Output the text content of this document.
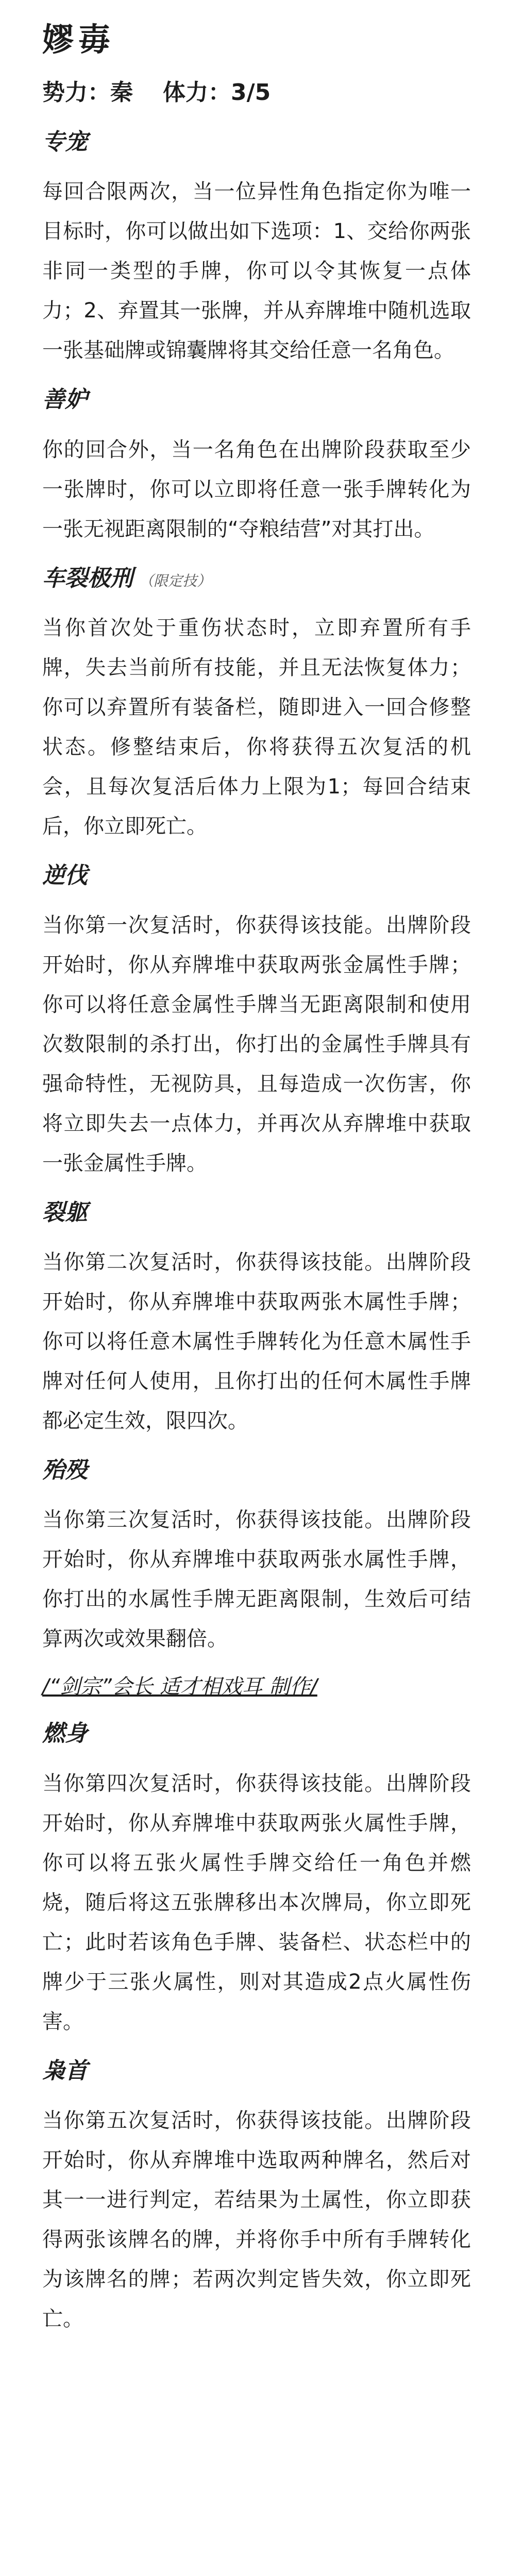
嫪毐
势力：秦 体力：3/5
专宠
每回合限两次，当一位异性角色指定你为唯一目标时，你可以做出如下选项：1、交给你两张非同一类型的手牌，你可以令其恢复一点体力；2、弃置其一张牌，并从弃牌堆中随机选取一张基础牌或锦囊牌将其交给任意一名角色。
善妒
你的回合外，当一名角色在出牌阶段获取至少一张牌时，你可以立即将任意一张手牌转化为一张无视距离限制的“夺粮结营”对其打出。
车裂极刑 （限定技）
当你首次处于重伤状态时，立即弃置所有手牌，失去当前所有技能，并且无法恢复体力；你可以弃置所有装备栏，随即进入一回合修整状态。修整结束后，你将获得五次复活的机会，且每次复活后体力上限为1；每回合结束后，你立即死亡。
逆伐
当你第一次复活时，你获得该技能。出牌阶段开始时，你从弃牌堆中获取两张金属性手牌；你可以将任意金属性手牌当无距离限制和使用次数限制的杀打出，你打出的金属性手牌具有强命特性，无视防具，且每造成一次伤害，你将立即失去一点体力，并再次从弃牌堆中获取一张金属性手牌。
裂躯
当你第二次复活时，你获得该技能。出牌阶段开始时，你从弃牌堆中获取两张木属性手牌；你可以将任意木属性手牌转化为任意木属性手牌对任何人使用，且你打出的任何木属性手牌都必定生效，限四次。
殆殁
当你第三次复活时，你获得该技能。出牌阶段开始时，你从弃牌堆中获取两张水属性手牌，你打出的水属性手牌无距离限制，生效后可结算两次或效果翻倍。
/“剑宗”会长 适才相戏耳 制作/
燃身
当你第四次复活时，你获得该技能。出牌阶段开始时，你从弃牌堆中获取两张火属性手牌，你可以将五张火属性手牌交给任一角色并燃烧，随后将这五张牌移出本次牌局，你立即死亡；此时若该角色手牌、装备栏、状态栏中的牌少于三张火属性，则对其造成2点火属性伤害。
枭首
当你第五次复活时，你获得该技能。出牌阶段开始时，你从弃牌堆中选取两种牌名，然后对其一一进行判定，若结果为土属性，你立即获得两张该牌名的牌，并将你手中所有手牌转化为该牌名的牌；若两次判定皆失效，你立即死亡。
